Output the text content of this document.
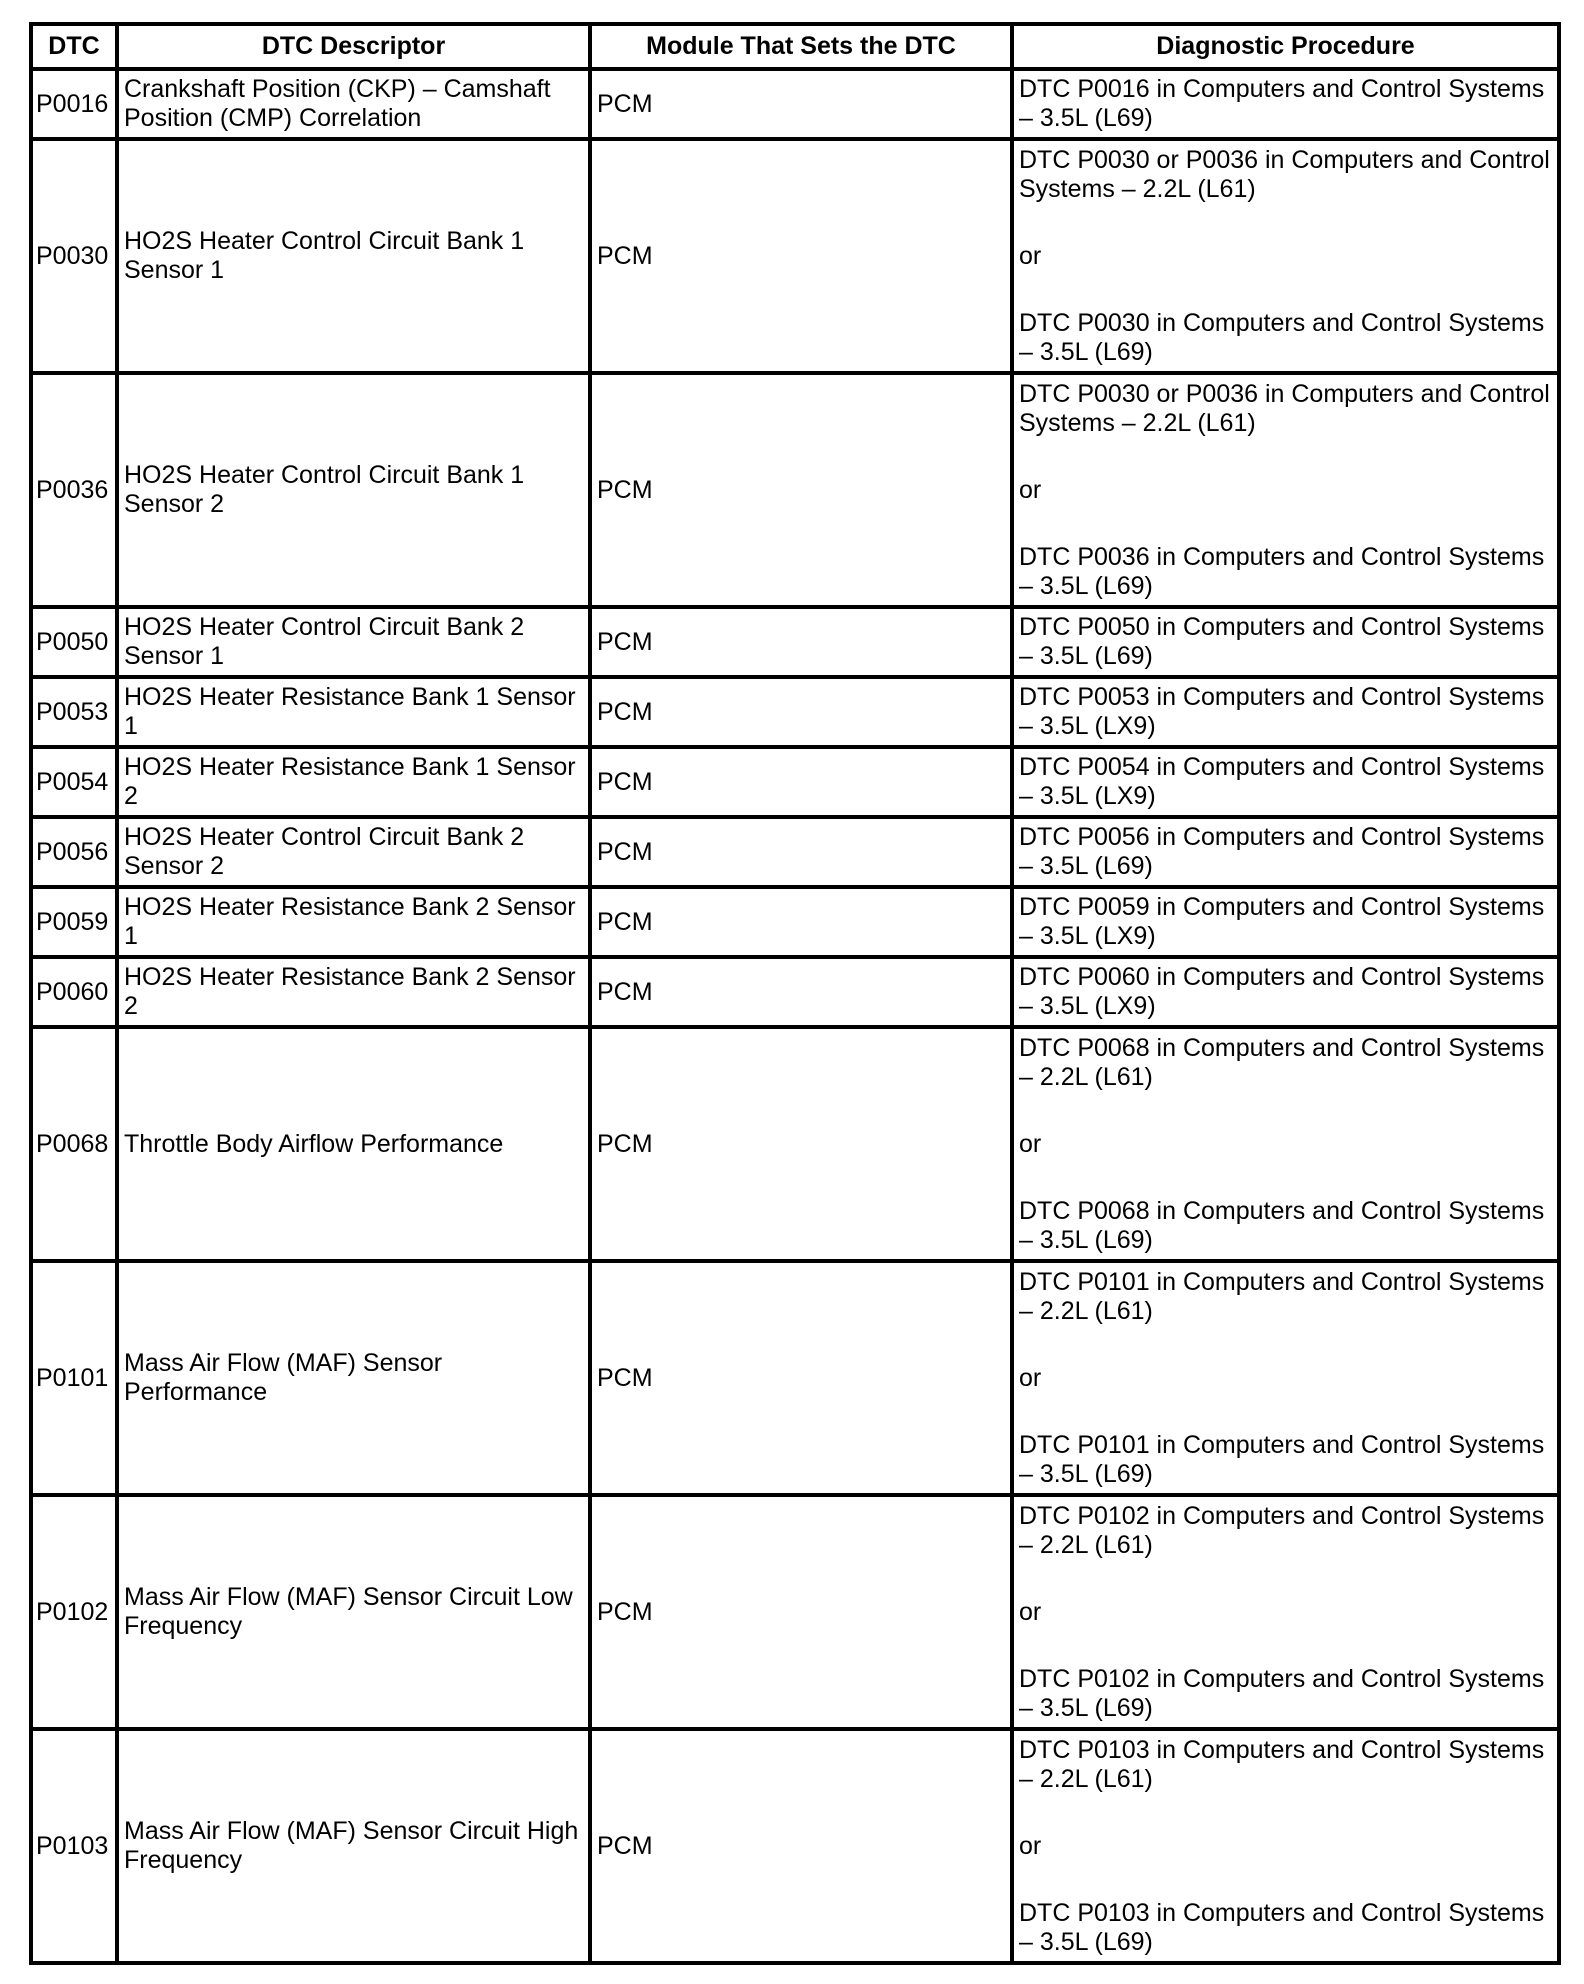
DTC	DTC Descriptor	Module That Sets the DTC	Diagnostic Procedure
P0016	Crankshaft Position (CKP) – Camshaft Position (CMP) Correlation	PCM	DTC P0016 in Computers and Control Systems – 3.5L (L69)

P0030	HO2S Heater Control Circuit Bank 1 Sensor 1	PCM	DTC P0030 or P0036 in Computers and Control Systems – 2.2L (L61)
or
DTC P0030 in Computers and Control Systems – 3.5L (L69)

P0036	HO2S Heater Control Circuit Bank 1 Sensor 2	PCM	DTC P0030 or P0036 in Computers and Control Systems – 2.2L (L61)
or
DTC P0036 in Computers and Control Systems – 3.5L (L69)

P0050	HO2S Heater Control Circuit Bank 2 Sensor 1	PCM	DTC P0050 in Computers and Control Systems – 3.5L (L69)

P0053	HO2S Heater Resistance Bank 1 Sensor 1	PCM	DTC P0053 in Computers and Control Systems – 3.5L (LX9)

P0054	HO2S Heater Resistance Bank 1 Sensor 2	PCM	DTC P0054 in Computers and Control Systems – 3.5L (LX9)

P0056	HO2S Heater Control Circuit Bank 2 Sensor 2	PCM	DTC P0056 in Computers and Control Systems – 3.5L (L69)

P0059	HO2S Heater Resistance Bank 2 Sensor 1	PCM	DTC P0059 in Computers and Control Systems – 3.5L (LX9)

P0060	HO2S Heater Resistance Bank 2 Sensor 2	PCM	DTC P0060 in Computers and Control Systems – 3.5L (LX9)

P0068	Throttle Body Airflow Performance	PCM	DTC P0068 in Computers and Control Systems – 2.2L (L61)
or
DTC P0068 in Computers and Control Systems – 3.5L (L69)

P0101	Mass Air Flow (MAF) Sensor Performance	PCM	DTC P0101 in Computers and Control Systems – 2.2L (L61)
or
DTC P0101 in Computers and Control Systems – 3.5L (L69)

P0102	Mass Air Flow (MAF) Sensor Circuit Low Frequency	PCM	DTC P0102 in Computers and Control Systems – 2.2L (L61)
or
DTC P0102 in Computers and Control Systems – 3.5L (L69)

P0103	Mass Air Flow (MAF) Sensor Circuit High Frequency	PCM	DTC P0103 in Computers and Control Systems – 2.2L (L61)
or
DTC P0103 in Computers and Control Systems – 3.5L (L69)
